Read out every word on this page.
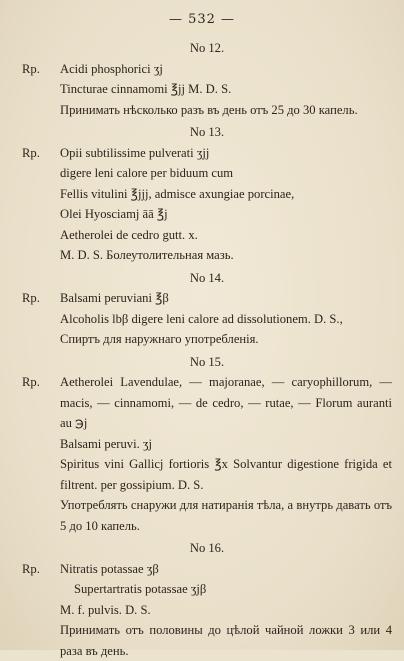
— 532 —
No 12.
Rp.	Acidi phosphorici ʒj
Tincturae cinnamomi ℥jj M. D. S.
Принимать нѣсколько разъ въ день отъ 25 до 30 капель.
No 13.
Rp.	Opii subtilissime pulverati ʒjj
digere leni calore per biduum cum
Fellis vitulini ℥jjj, admisce axungiae porcinae,
Olei Hyosciamj āā ℥j
Aetherolei de cedro gutt. x.
M. D. S. Болеутолительная мазь.
No 14.
Rp.	Balsami peruviani ℥β
Alcoholis lbβ digere leni calore ad dissolutionem. D. S.,
Спиртъ для наружнаго употребленія.
No 15.
Rp.	Aetherolei Lavendulae, — majoranae, — caryophillorum, — macis, — cinnamomi, — de cedro, — rutae, — Florum auranti au ℈j
Balsami peruvi. ʒj
Spiritus vini Gallicj fortioris ℥x Solvantur digestione frigida et filtrent. per gossipium. D. S.
Употреблять снаружи для натиранія тѣла, а внутрь давать отъ 5 до 10 капель.
No 16.
Rp.	Nitratis potassae ʒβ
Supertartratis potassae ʒjβ
M. f. pulvis. D. S.
Принимать отъ половины до цѣлой чайной ложки 3 или 4 раза въ день.
